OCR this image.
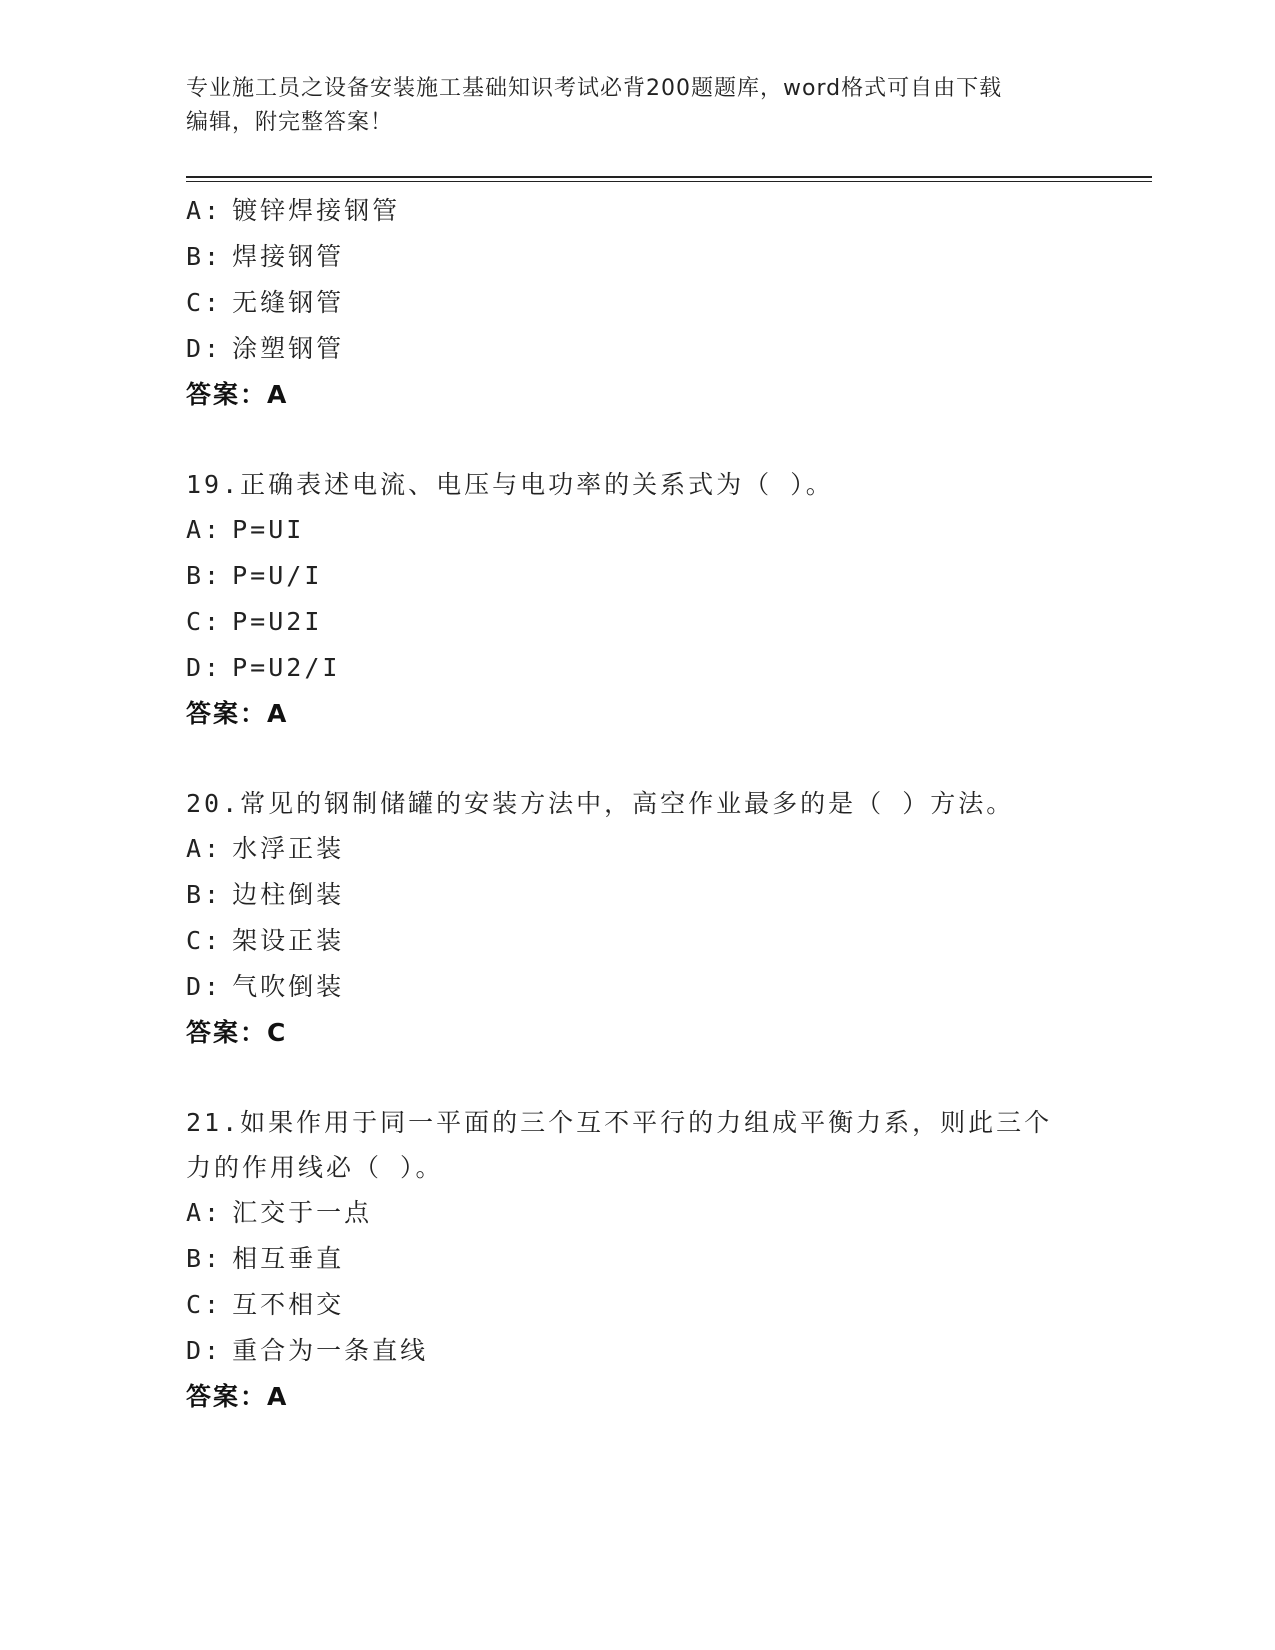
专业施工员之设备安装施工基础知识考试必背200题题库，word格式可自由下载
编辑，附完整答案！
A: 镀锌焊接钢管
B: 焊接钢管
C: 无缝钢管
D: 涂塑钢管
答案：A
19.正确表述电流、电压与电功率的关系式为（ ）。
A: P=UI
B: P=U/I
C: P=U2I
D: P=U2/I
答案：A
20.常见的钢制储罐的安装方法中，高空作业最多的是（ ）方法。
A: 水浮正装
B: 边柱倒装
C: 架设正装
D: 气吹倒装
答案：C
21.如果作用于同一平面的三个互不平行的力组成平衡力系，则此三个
力的作用线必（ ）。
A: 汇交于一点
B: 相互垂直
C: 互不相交
D: 重合为一条直线
答案：A
